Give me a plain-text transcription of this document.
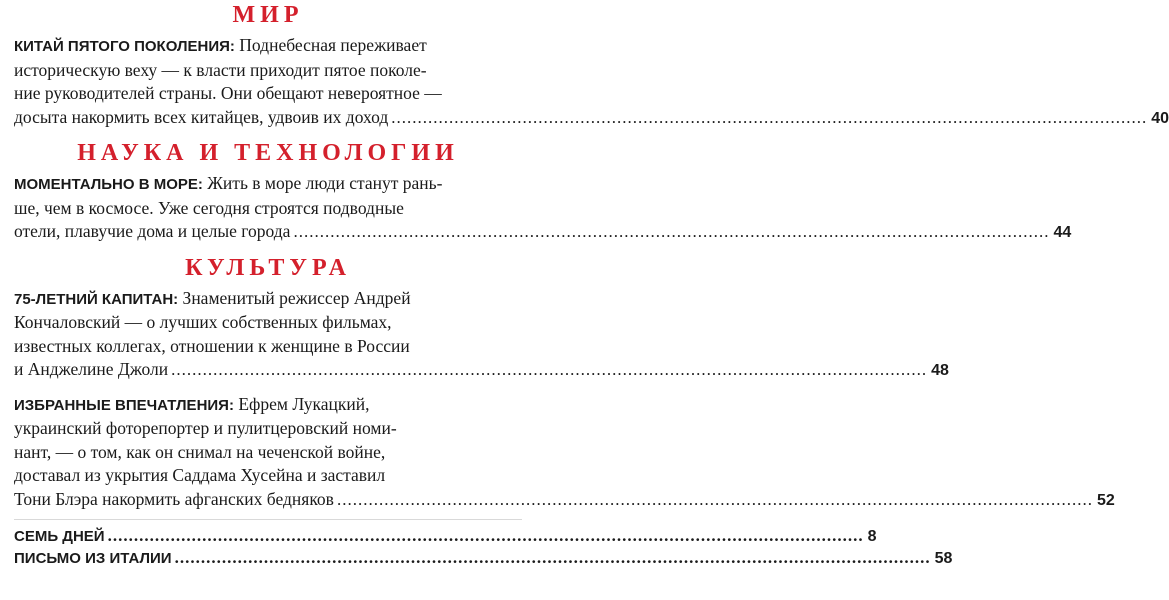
МИР
КИТАЙ ПЯТОГО ПОКОЛЕНИЯ: Поднебесная переживает
историческую веху — к власти приходит пятое поколе-
ние руководителей страны. Они обещают невероятное —
досыта накормить всех китайцев, удвоив их доход ................................................................................................................................................ 40
НАУКА И ТЕХНОЛОГИИ
МОМЕНТАЛЬНО В МОРЕ: Жить в море люди станут рань-
ше, чем в космосе. Уже сегодня строятся подводные
отели, плавучие дома и целые города ................................................................................................................................................ 44
КУЛЬТУРА
75-ЛЕТНИЙ КАПИТАН: Знаменитый режиссер Андрей
Кончаловский — о лучших собственных фильмах,
известных коллегах, отношении к женщине в России
и Анджелине Джоли ................................................................................................................................................ 48
ИЗБРАННЫЕ ВПЕЧАТЛЕНИЯ: Ефрем Лукацкий,
украинский фоторепортер и пулитцеровский номи-
нант, — о том, как он снимал на чеченской войне,
доставал из укрытия Саддама Хусейна и заставил
Тони Блэра накормить афганских бедняков ................................................................................................................................................ 52
СЕМЬ ДНЕЙ ................................................................................................................................................ 8
ПИСЬМО ИЗ ИТАЛИИ ................................................................................................................................................ 58
